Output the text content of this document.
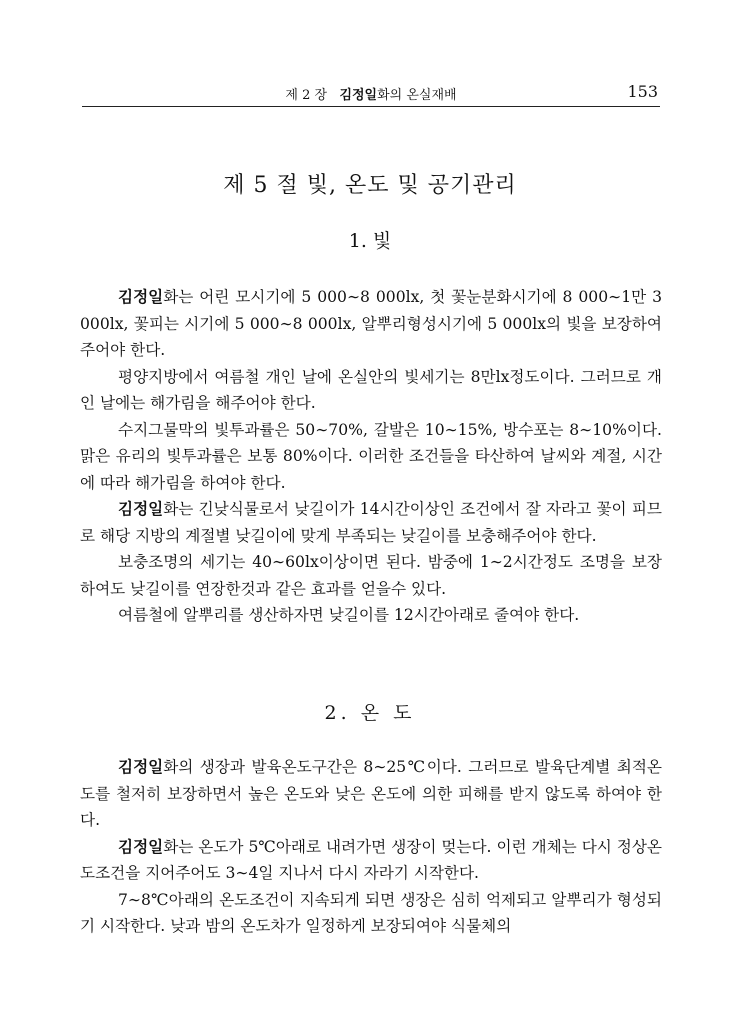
제 2 장 김정일화의 온실재배	153
제 5 절 빛, 온도 및 공기관리
1. 빛

김정일화는 어린 모시기에 5 000∼8 000lx, 첫 꽃눈분화시기에 8 000∼1만 3 000lx, 꽃피는 시기에 5 000∼8 000lx, 알뿌리형성시기에 5 000lx의 빛을 보장하여주어야 한다.

평양지방에서 여름철 개인 날에 온실안의 빛세기는 8만lx정도이다. 그러므로 개인 날에는 해가림을 해주어야 한다.

수지그물막의 빛투과률은 50∼70%, 갈발은 10∼15%, 방수포는 8∼10%이다. 맑은 유리의 빛투과률은 보통 80%이다. 이러한 조건들을 타산하여 날씨와 계절, 시간에 따라 해가림을 하여야 한다.

김정일화는 긴낮식물로서 낮길이가 14시간이상인 조건에서 잘 자라고 꽃이 피므로 해당 지방의 계절별 낮길이에 맞게 부족되는 낮길이를 보충해주어야 한다.

보충조명의 세기는 40∼60lx이상이면 된다. 밤중에 1∼2시간정도 조명을 보장하여도 낮길이를 연장한것과 같은 효과를 얻을수 있다.

여름철에 알뿌리를 생산하자면 낮길이를 12시간아래로 줄여야 한다.

2. 온 도

김정일화의 생장과 발육온도구간은 8∼25℃이다. 그러므로 발육단계별 최적온도를 철저히 보장하면서 높은 온도와 낮은 온도에 의한 피해를 받지 않도록 하여야 한다.

김정일화는 온도가 5℃아래로 내려가면 생장이 멎는다. 이런 개체는 다시 정상온도조건을 지어주어도 3∼4일 지나서 다시 자라기 시작한다.

7∼8℃아래의 온도조건이 지속되게 되면 생장은 심히 억제되고 알뿌리가 형성되기 시작한다. 낮과 밤의 온도차가 일정하게 보장되여야 식물체의
